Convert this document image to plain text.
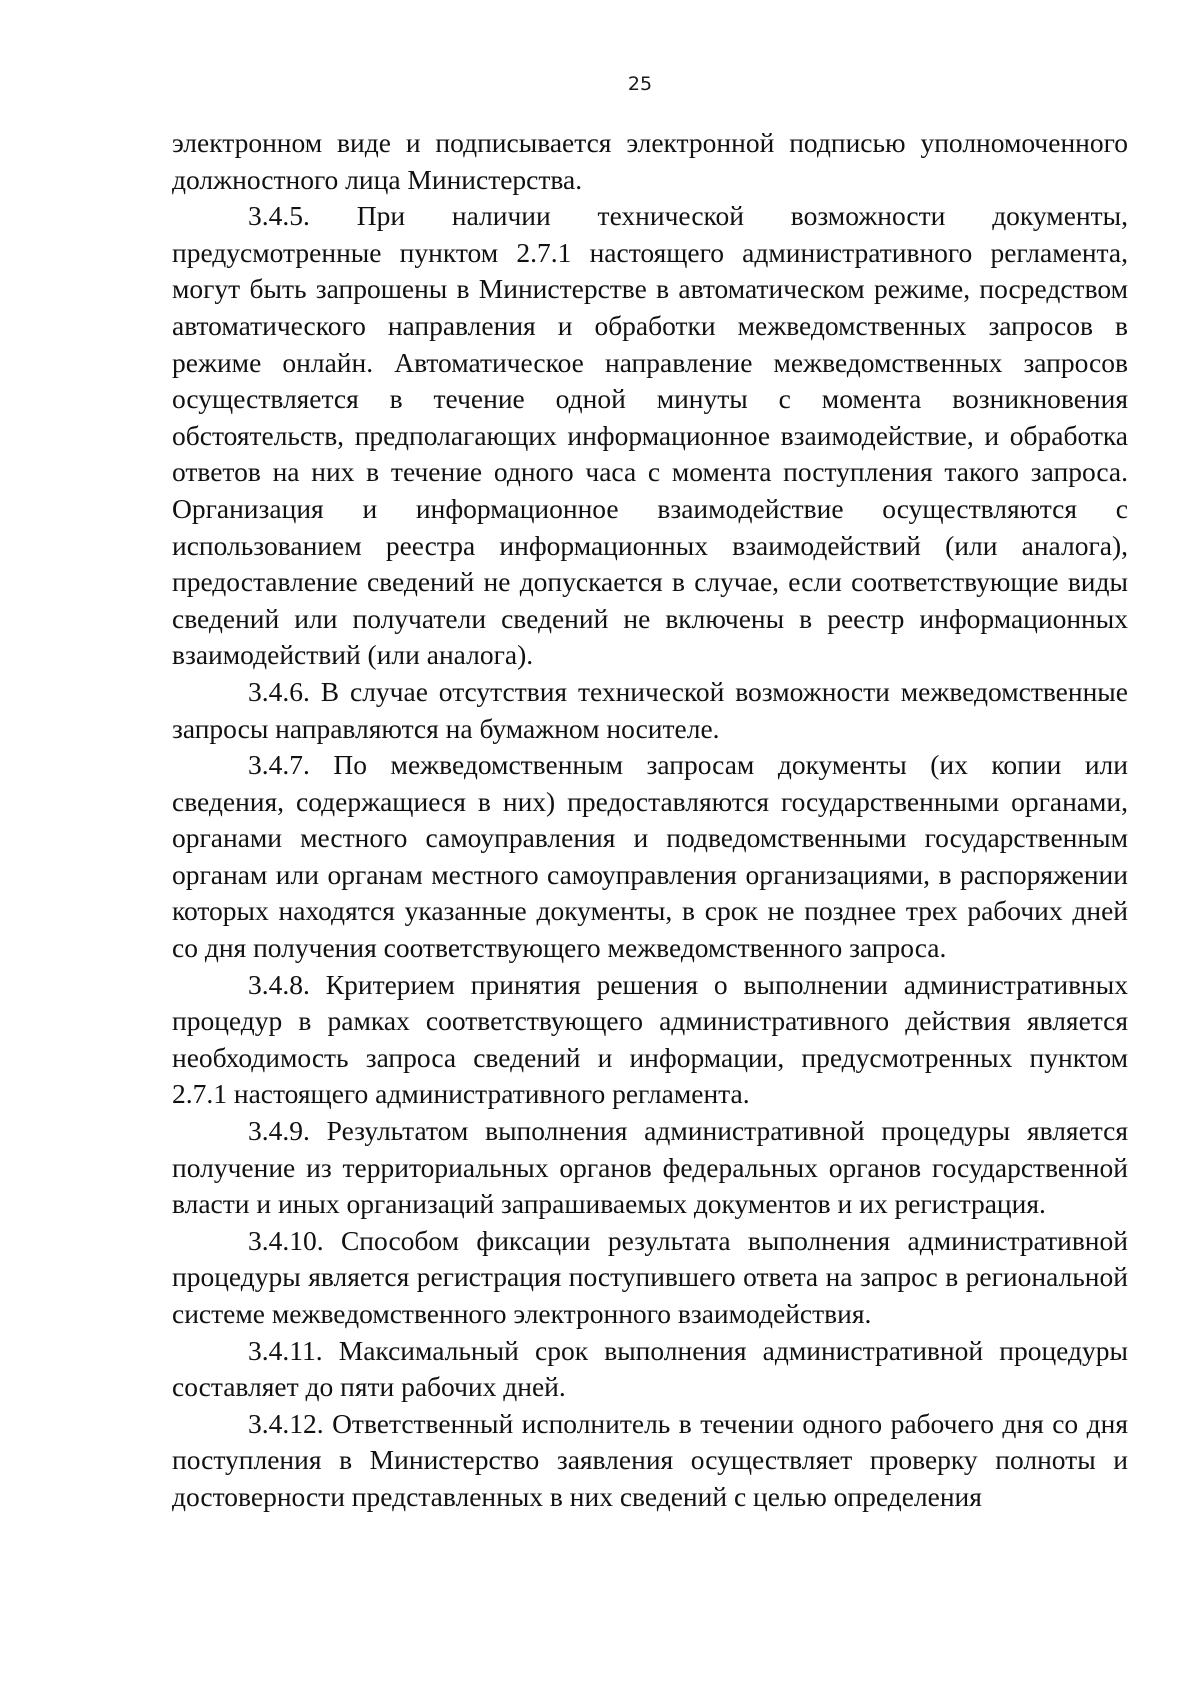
25

электронном виде и подписывается электронной подписью уполномоченного должностного лица Министерства.

3.4.5. При наличии технической возможности документы, предусмотренные пунктом 2.7.1 настоящего административного регламента, могут быть запрошены в Министерстве в автоматическом режиме, посредством автоматического направления и обработки межведомственных запросов в режиме онлайн. Автоматическое направление межведомственных запросов осуществляется в течение одной минуты с момента возникновения обстоятельств, предполагающих информационное взаимодействие, и обработка ответов на них в течение одного часа с момента поступления такого запроса. Организация и информационное взаимодействие осуществляются с использованием реестра информационных взаимодействий (или аналога), предоставление сведений не допускается в случае, если соответствующие виды сведений или получатели сведений не включены в реестр информационных взаимодействий (или аналога).

3.4.6. В случае отсутствия технической возможности межведомственные запросы направляются на бумажном носителе.

3.4.7. По межведомственным запросам документы (их копии или сведения, содержащиеся в них) предоставляются государственными органами, органами местного самоуправления и подведомственными государственным органам или органам местного самоуправления организациями, в распоряжении которых находятся указанные документы, в срок не позднее трех рабочих дней со дня получения соответствующего межведомственного запроса.

3.4.8. Критерием принятия решения о выполнении административных процедур в рамках соответствующего административного действия является необходимость запроса сведений и информации, предусмотренных пунктом 2.7.1 настоящего административного регламента.

3.4.9. Результатом выполнения административной процедуры является получение из территориальных органов федеральных органов государственной власти и иных организаций запрашиваемых документов и их регистрация.

3.4.10. Способом фиксации результата выполнения административной процедуры является регистрация поступившего ответа на запрос в региональной системе межведомственного электронного взаимодействия.

3.4.11. Максимальный срок выполнения административной процедуры составляет до пяти рабочих дней.

3.4.12. Ответственный исполнитель в течении одного рабочего дня со дня поступления в Министерство заявления осуществляет проверку полноты и достоверности представленных в них сведений с целью определения
